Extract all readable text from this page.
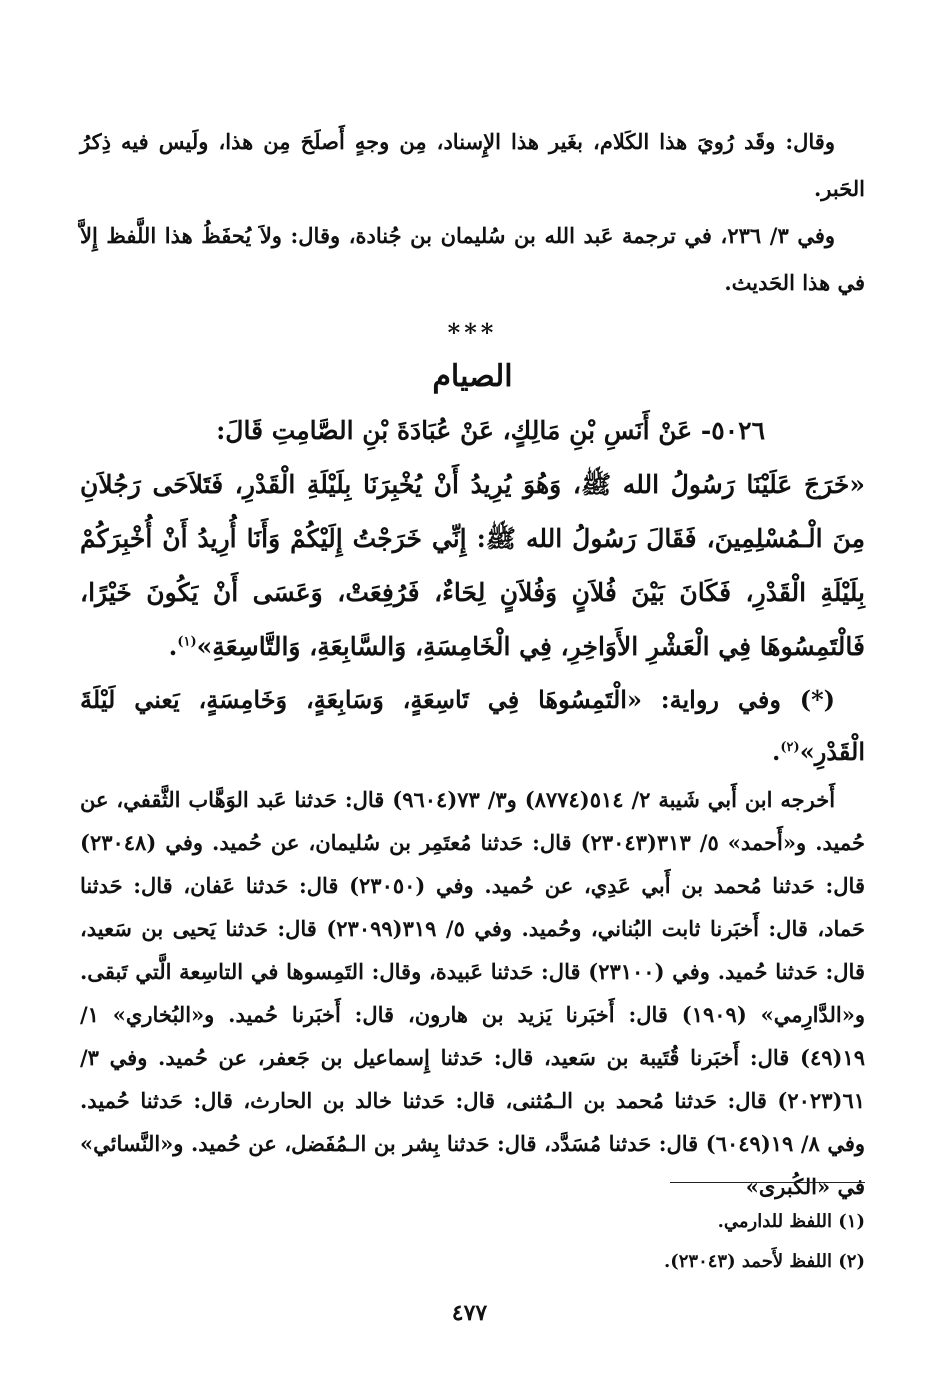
وقال: وقَد رُويَ هذا الكَلام، بغَير هذا الإِسناد، مِن وجهٍ أَصلَحَ مِن هذا، ولَيس فيه ذِكرُ الحَبر.

وفي ٣/ ٢٣٦، في ترجمة عَبد الله بن سُليمان بن جُنادة، وقال: ولاَ يُحفَظُ هذا اللَّفظ إِلاَّ في هذا الحَديث.

***
الصيام

٥٠٢٦- عَنْ أَنَسِ بْنِ مَالِكٍ، عَنْ عُبَادَةَ بْنِ الصَّامِتِ قَالَ:

«خَرَجَ عَلَيْنَا رَسُولُ الله ﷺ، وَهُوَ يُرِيدُ أَنْ يُخْبِرَنَا بِلَيْلَةِ الْقَدْرِ، فَتَلاَحَى رَجُلاَنِ مِنَ الْـمُسْلِمِينَ، فَقَالَ رَسُولُ الله ﷺ: إِنِّي خَرَجْتُ إِلَيْكُمْ وَأَنَا أُرِيدُ أَنْ أُخْبِرَكُمْ بِلَيْلَةِ الْقَدْرِ، فَكَانَ بَيْنَ فُلاَنٍ وَفُلاَنٍ لِحَاءٌ، فَرُفِعَتْ، وَعَسَى أَنْ يَكُونَ خَيْرًا، فَالْتَمِسُوهَا فِي الْعَشْرِ الأَوَاخِرِ، فِي الْخَامِسَةِ، وَالسَّابِعَةِ، وَالتَّاسِعَةِ»$^{(١)}$.

(*) وفي رواية: «الْتَمِسُوهَا فِي تَاسِعَةٍ، وَسَابِعَةٍ، وَخَامِسَةٍ، يَعني لَيْلَةَ الْقَدْرِ»$^{(٢)}$.

أَخرجه ابن أَبي شَيبة ٢/ ٥١٤(٨٧٧٤) و٣/ ٧٣(٩٦٠٤) قال: حَدثنا عَبد الوَهَّاب الثَّقفي، عن حُميد. و«أَحمد» ٥/ ٣١٣(٢٣٠٤٣) قال: حَدثنا مُعتَمِر بن سُليمان، عن حُميد. وفي (٢٣٠٤٨) قال: حَدثنا مُحمد بن أَبي عَدِي، عن حُميد. وفي (٢٣٠٥٠) قال: حَدثنا عَفان، قال: حَدثنا حَماد، قال: أَخبَرنا ثابت البُناني، وحُميد. وفي ٥/ ٣١٩(٢٣٠٩٩) قال: حَدثنا يَحيى بن سَعيد، قال: حَدثنا حُميد. وفي (٢٣١٠٠) قال: حَدثنا عَبيدة، وقال: التَمِسوها في التاسِعة الَّتي تَبقى. و«الدَّارِمي» (١٩٠٩) قال: أَخبَرنا يَزيد بن هارون، قال: أَخبَرنا حُميد. و«البُخاري» ١/ ١٩(٤٩) قال: أَخبَرنا قُتَيبة بن سَعيد، قال: حَدثنا إِسماعيل بن جَعفر، عن حُميد. وفي ٣/ ٦١(٢٠٢٣) قال: حَدثنا مُحمد بن الـمُثنى، قال: حَدثنا خالد بن الحارث، قال: حَدثنا حُميد. وفي ٨/ ١٩(٦٠٤٩) قال: حَدثنا مُسَدَّد، قال: حَدثنا بِشر بن الـمُفَضل، عن حُميد. و«النَّسائي» في «الكُبرى»

(١) اللفظ للدارمي.

(٢) اللفظ لأَحمد (٢٣٠٤٣).

٤٧٧
